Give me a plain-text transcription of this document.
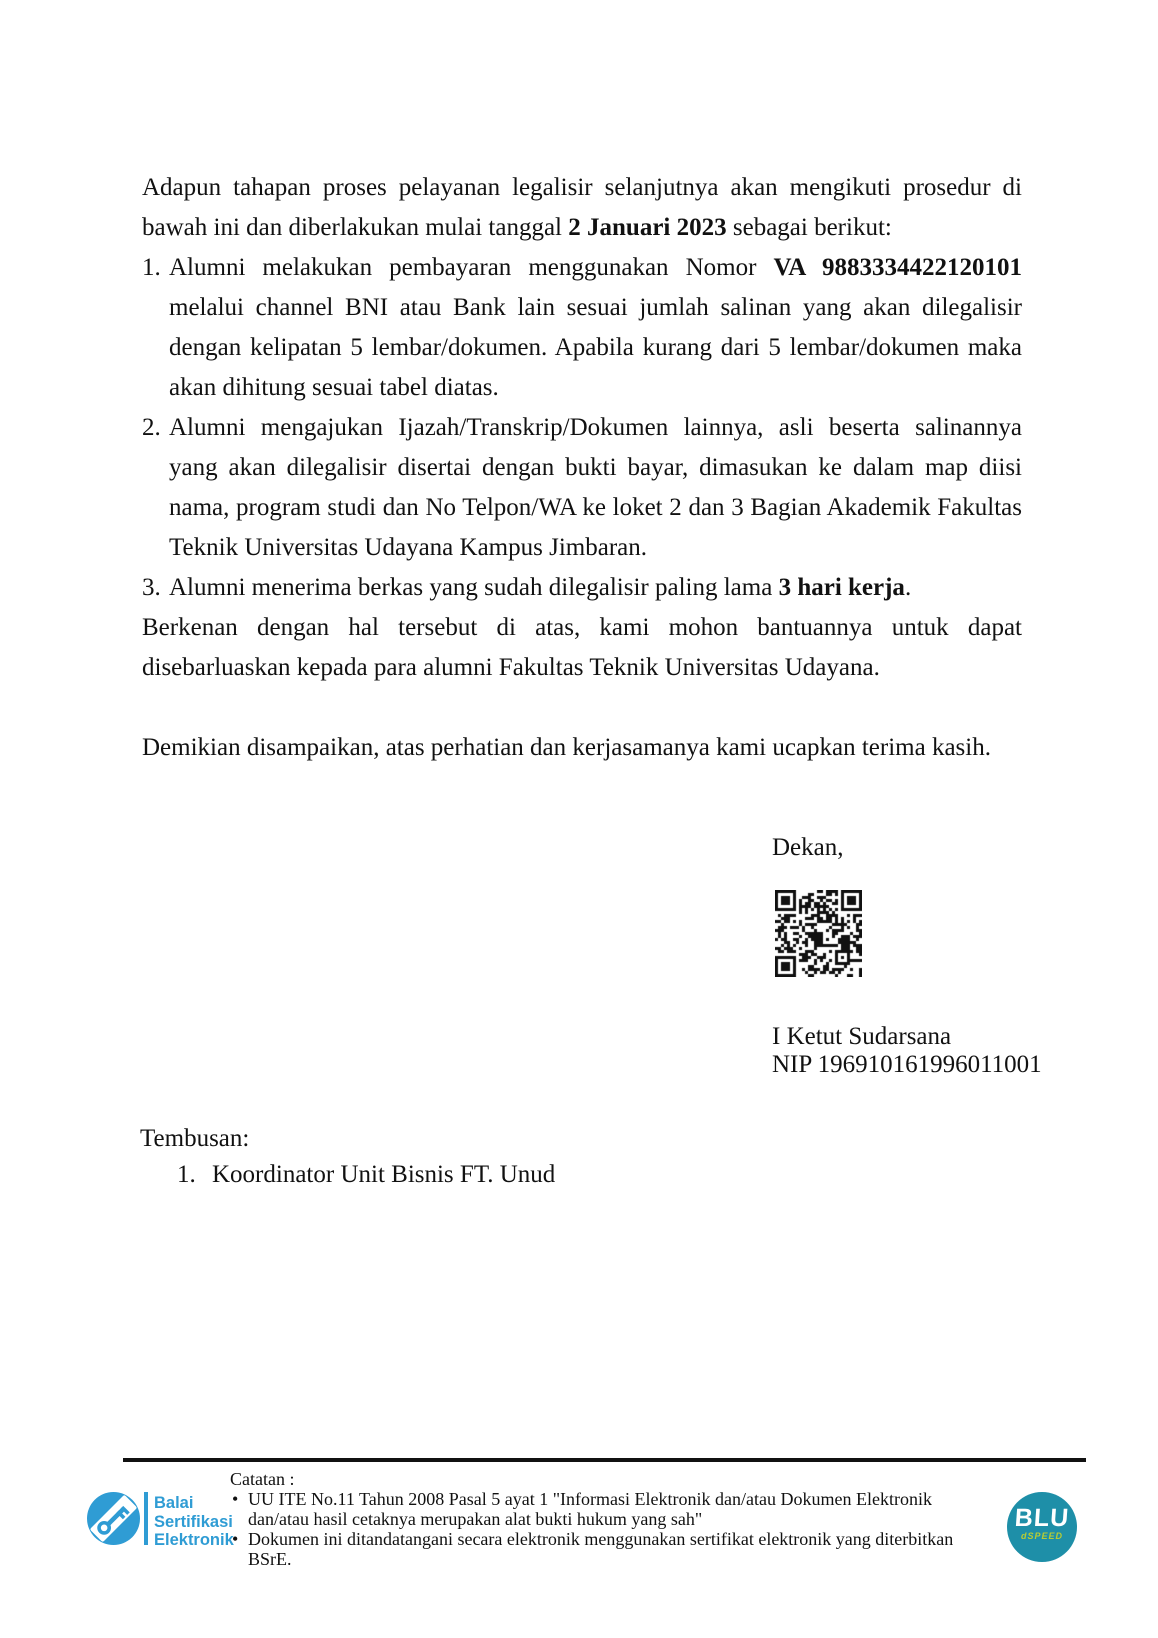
Adapun tahapan proses pelayanan legalisir selanjutnya akan mengikuti prosedur di bawah ini dan diberlakukan mulai tanggal 2 Januari 2023 sebagai berikut:

1. Alumni melakukan pembayaran menggunakan Nomor VA 9883334422120101 melalui channel BNI atau Bank lain sesuai jumlah salinan yang akan dilegalisir dengan kelipatan 5 lembar/dokumen. Apabila kurang dari 5 lembar/dokumen maka akan dihitung sesuai tabel diatas.
2. Alumni mengajukan Ijazah/Transkrip/Dokumen lainnya, asli beserta salinannya yang akan dilegalisir disertai dengan bukti bayar, dimasukan ke dalam map diisi nama, program studi dan No Telpon/WA ke loket 2 dan 3 Bagian Akademik Fakultas Teknik Universitas Udayana Kampus Jimbaran.
3. Alumni menerima berkas yang sudah dilegalisir paling lama 3 hari kerja.

Berkenan dengan hal tersebut di atas, kami mohon bantuannya untuk dapat disebarluaskan kepada para alumni Fakultas Teknik Universitas Udayana.

Demikian disampaikan, atas perhatian dan kerjasamanya kami ucapkan terima kasih.

Dekan,
I Ketut Sudarsana
NIP 196910161996011001
Tembusan:
1. Koordinator Unit Bisnis FT. Unud
Catatan :
• UU ITE No.11 Tahun 2008 Pasal 5 ayat 1 "Informasi Elektronik dan/atau Dokumen Elektronik dan/atau hasil cetaknya merupakan alat bukti hukum yang sah"
• Dokumen ini ditandatangani secara elektronik menggunakan sertifikat elektronik yang diterbitkan BSrE.
Balai
Sertifikasi
Elektronik
BLU
dSPEED
